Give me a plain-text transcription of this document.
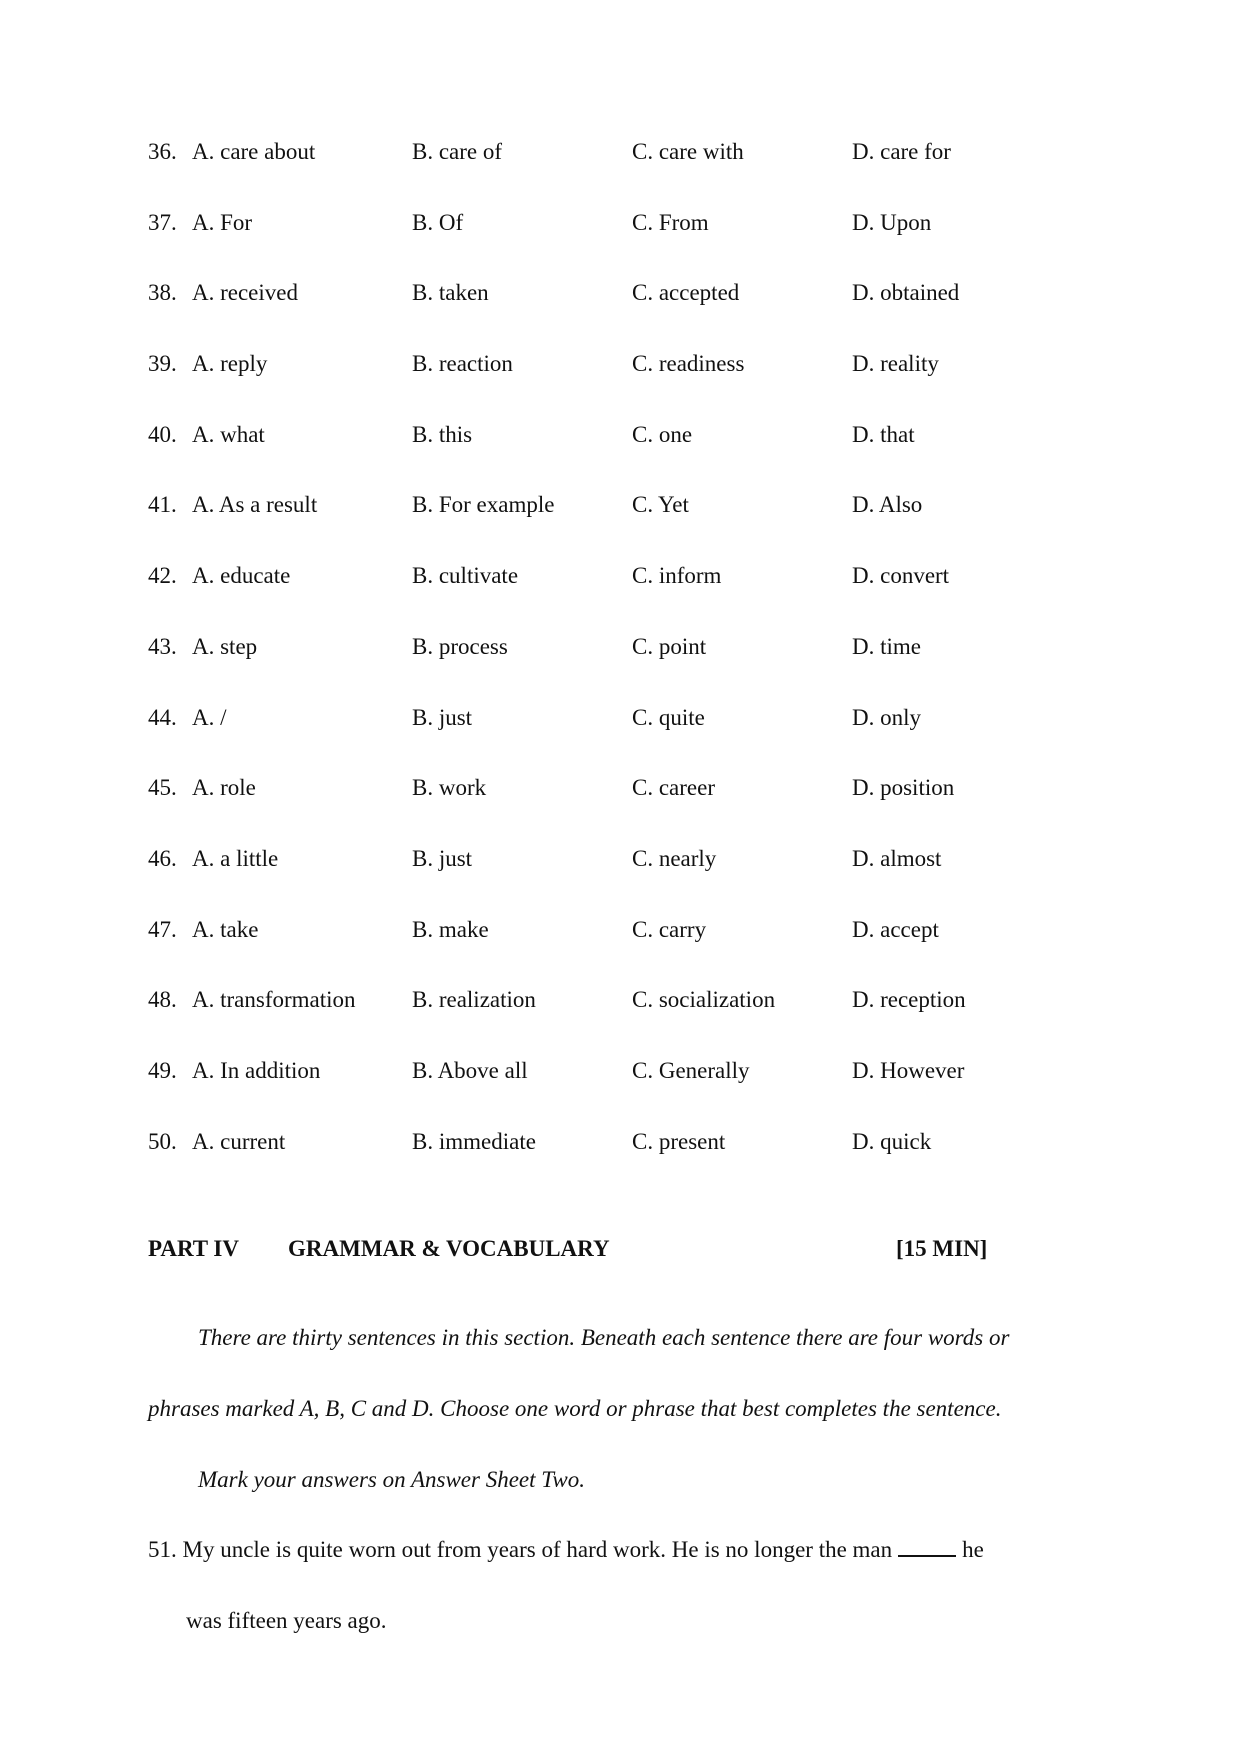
36. A. care about	B. care of	C. care with	D. care for
37. A. For	B. Of	C. From	D. Upon
38. A. received	B. taken	C. accepted	D. obtained
39. A. reply	B. reaction	C. readiness	D. reality
40. A. what	B. this	C. one	D. that
41. A. As a result	B. For example	C. Yet	D. Also
42. A. educate	B. cultivate	C. inform	D. convert
43. A. step	B. process	C. point	D. time
44. A. /	B. just	C. quite	D. only
45. A. role	B. work	C. career	D. position
46. A. a little	B. just	C. nearly	D. almost
47. A. take	B. make	C. carry	D. accept
48. A. transformation B. realization	C. socialization	D. reception
49. A. In addition	B. Above all	C. Generally	D. However
50. A. current	B. immediate	C. present	D. quick
PART IV GRAMMAR & VOCABULARY	[15 MIN]
There are thirty sentences in this section. Beneath each sentence there are four words or
phrases marked A, B, C and D. Choose one word or phrase that best completes the sentence.
Mark your answers on Answer Sheet Two.
51. My uncle is quite worn out from years of hard work. He is no longer the man	he
was fifteen years ago.
